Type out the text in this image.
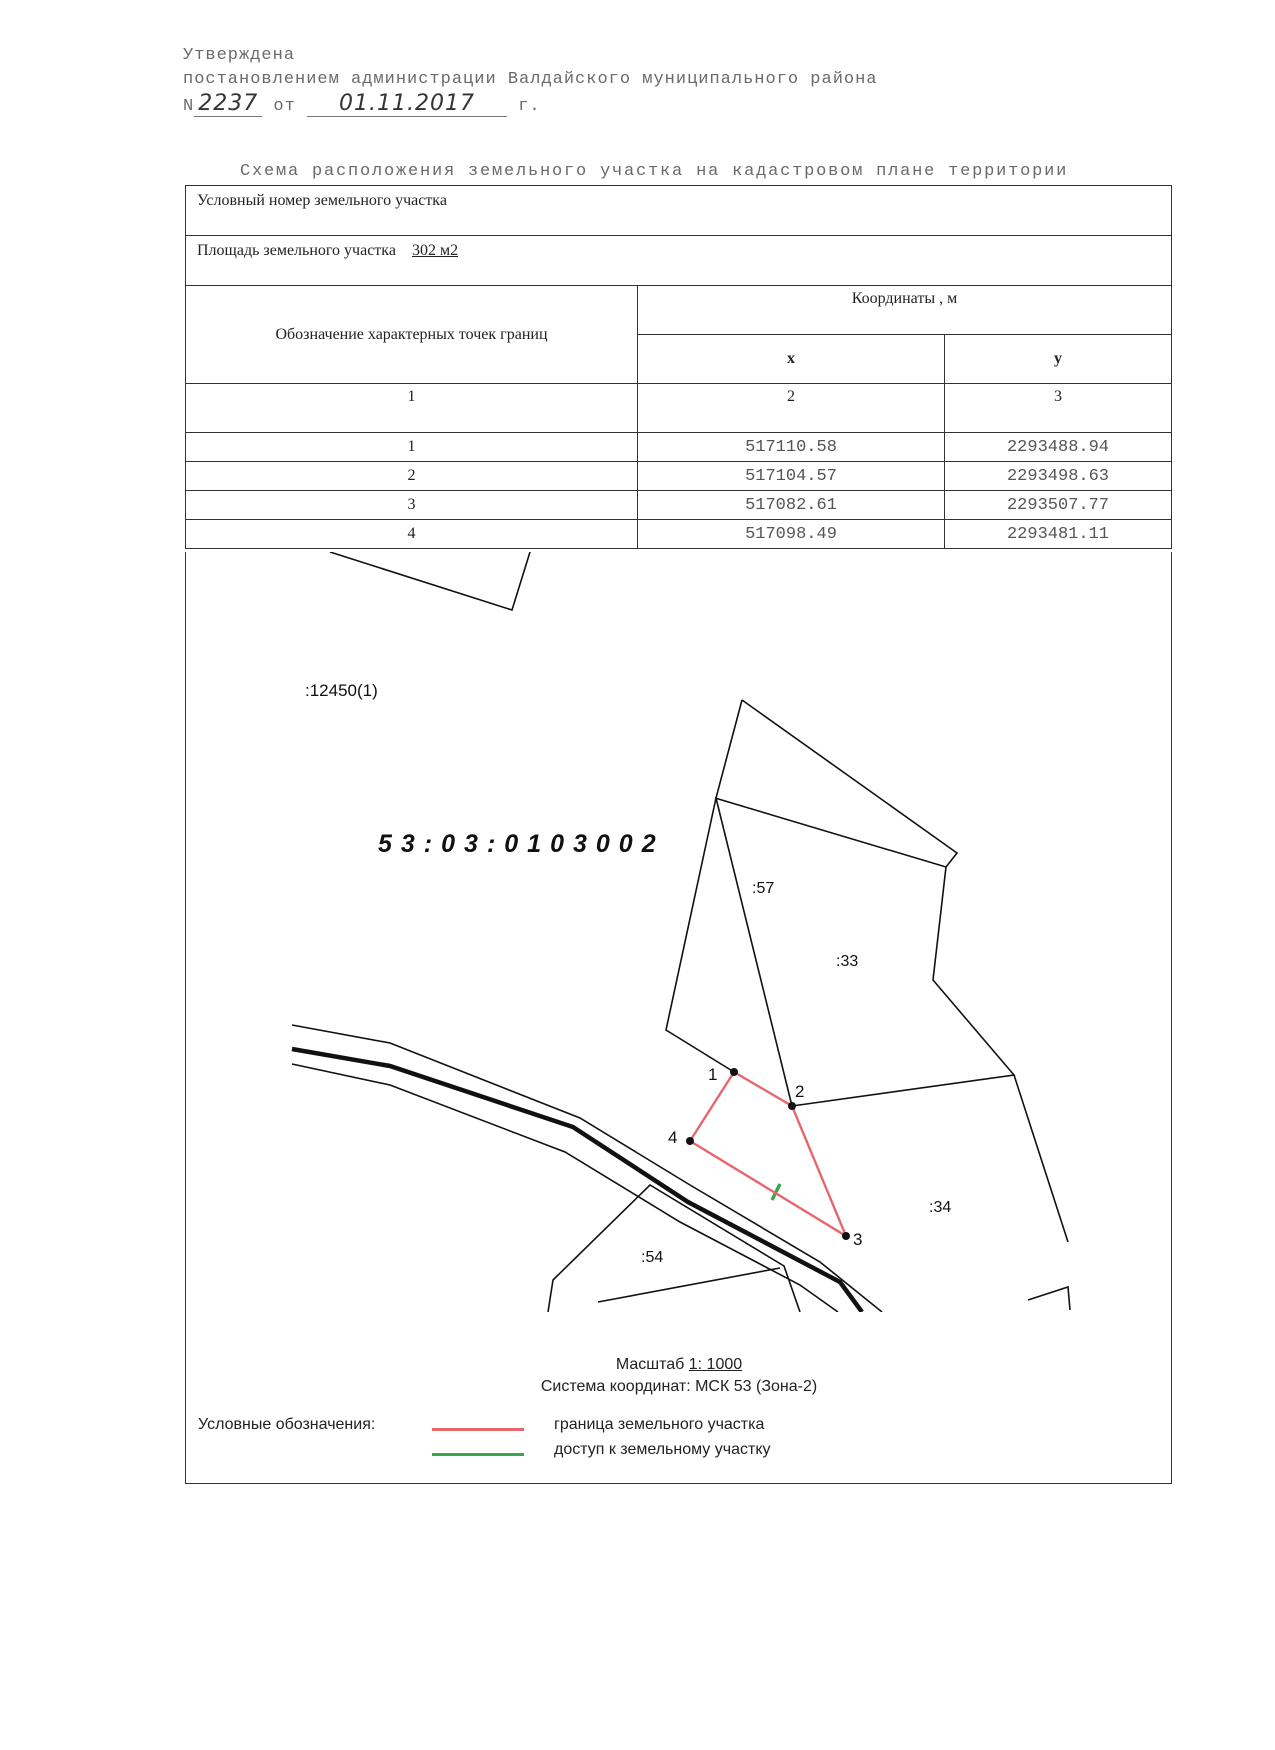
Утверждена
постановлением администрации Валдайского муниципального района
N 2237 от 01.11.2017	г.
Схема расположения земельного участка на кадастровом плане территории
Условный номер земельного участка		
Площадь земельного участка 302 м2		
Обозначение характерных точек границ	Координаты , м	
	x	y
1	2	3
1	517110.58	2293488.94
2	517104.57	2293498.63
3	517082.61	2293507.77
4	517098.49	2293481.11
:12450(1)
53:03:0103002
:57
:33
:34
:54
1
2
3
4
Масштаб 1: 1000
Система координат: МСК 53 (Зона-2)
Условные обозначения:	граница земельного участка
доступ к земельному участку
